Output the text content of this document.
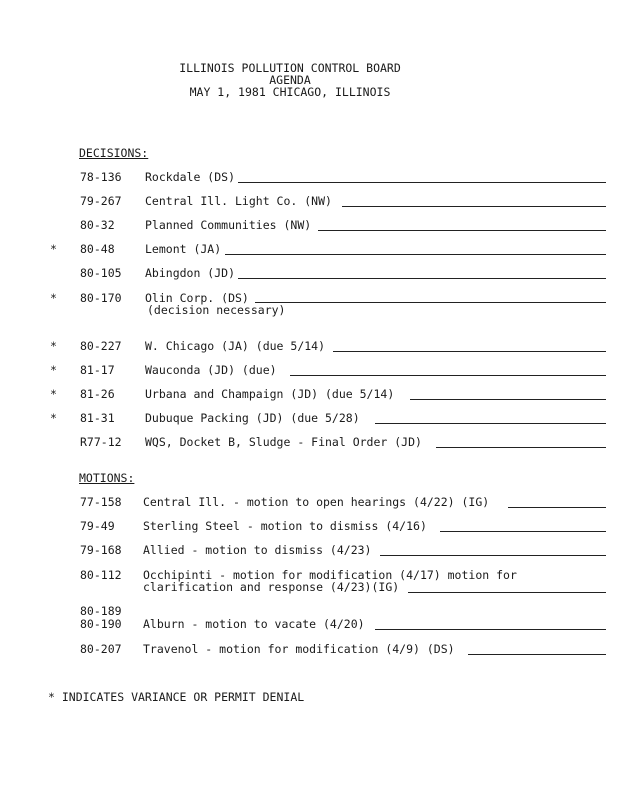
ILLINOIS POLLUTION CONTROL BOARD
AGENDA
MAY 1, 1981 CHICAGO, ILLINOIS
DECISIONS:
78-136 Rockdale (DS)
79-267 Central Ill. Light Co. (NW)
80-32	Planned Communities (NW)
* 80-48	Lemont (JA)
80-105 Abingdon (JD)
* 80-170 Olin Corp. (DS)
(decision necessary)
* 80-227 W. Chicago (JA) (due 5/14)
* 81-17	Wauconda (JD) (due)
* 81-26	Urbana and Champaign (JD) (due 5/14)
* 81-31	Dubuque Packing (JD) (due 5/28)
R77-12 WQS, Docket B, Sludge - Final Order (JD)
MOTIONS:
77-158 Central Ill. - motion to open hearings (4/22) (IG)
79-49 Sterling Steel - motion to dismiss (4/16)
79-168 Allied - motion to dismiss (4/23)
80-112 Occhipinti - motion for modification (4/17) motion for
clarification and response (4/23)(IG)
80-189
80-190 Alburn - motion to vacate (4/20)
80-207 Travenol - motion for modification (4/9) (DS)
* INDICATES VARIANCE OR PERMIT DENIAL
